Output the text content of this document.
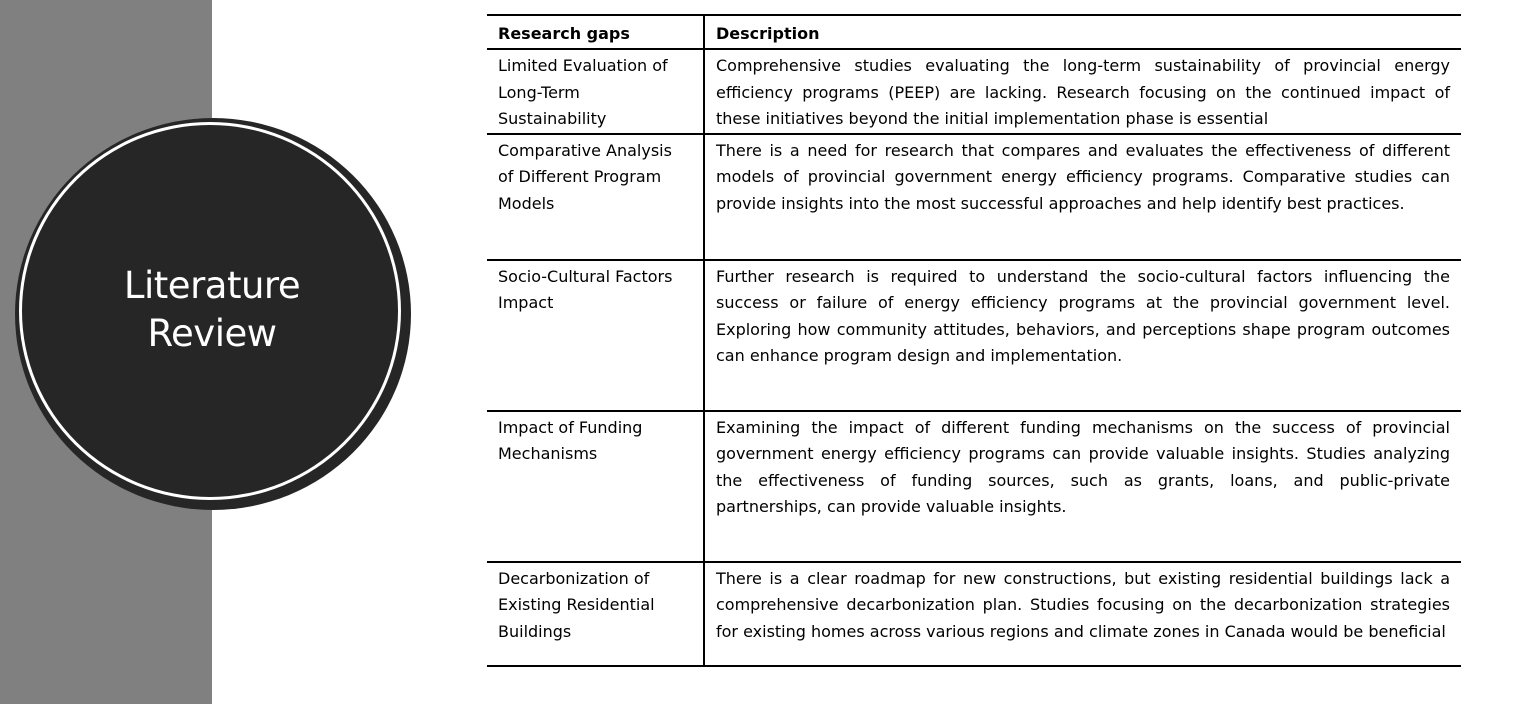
Literature
Review
Research gaps	Description
Limited Evaluation of Long-Term Sustainability	Comprehensive studies evaluating the long-term sustainability of provincial energy efficiency programs (PEEP) are lacking. Research focusing on the continued impact of these initiatives beyond the initial implementation phase is essential
Comparative Analysis of Different Program Models	There is a need for research that compares and evaluates the effectiveness of different models of provincial government energy efficiency programs. Comparative studies can provide insights into the most successful approaches and help identify best practices.
Socio-Cultural Factors Impact	Further research is required to understand the socio-cultural factors influencing the success or failure of energy efficiency programs at the provincial government level. Exploring how community attitudes, behaviors, and perceptions shape program outcomes can enhance program design and implementation.
Impact of Funding Mechanisms	Examining the impact of different funding mechanisms on the success of provincial government energy efficiency programs can provide valuable insights. Studies analyzing the effectiveness of funding sources, such as grants, loans, and public-private partnerships, can provide valuable insights.
Decarbonization of Existing Residential Buildings	There is a clear roadmap for new constructions, but existing residential buildings lack a comprehensive decarbonization plan. Studies focusing on the decarbonization strategies for existing homes across various regions and climate zones in Canada would be beneficial
